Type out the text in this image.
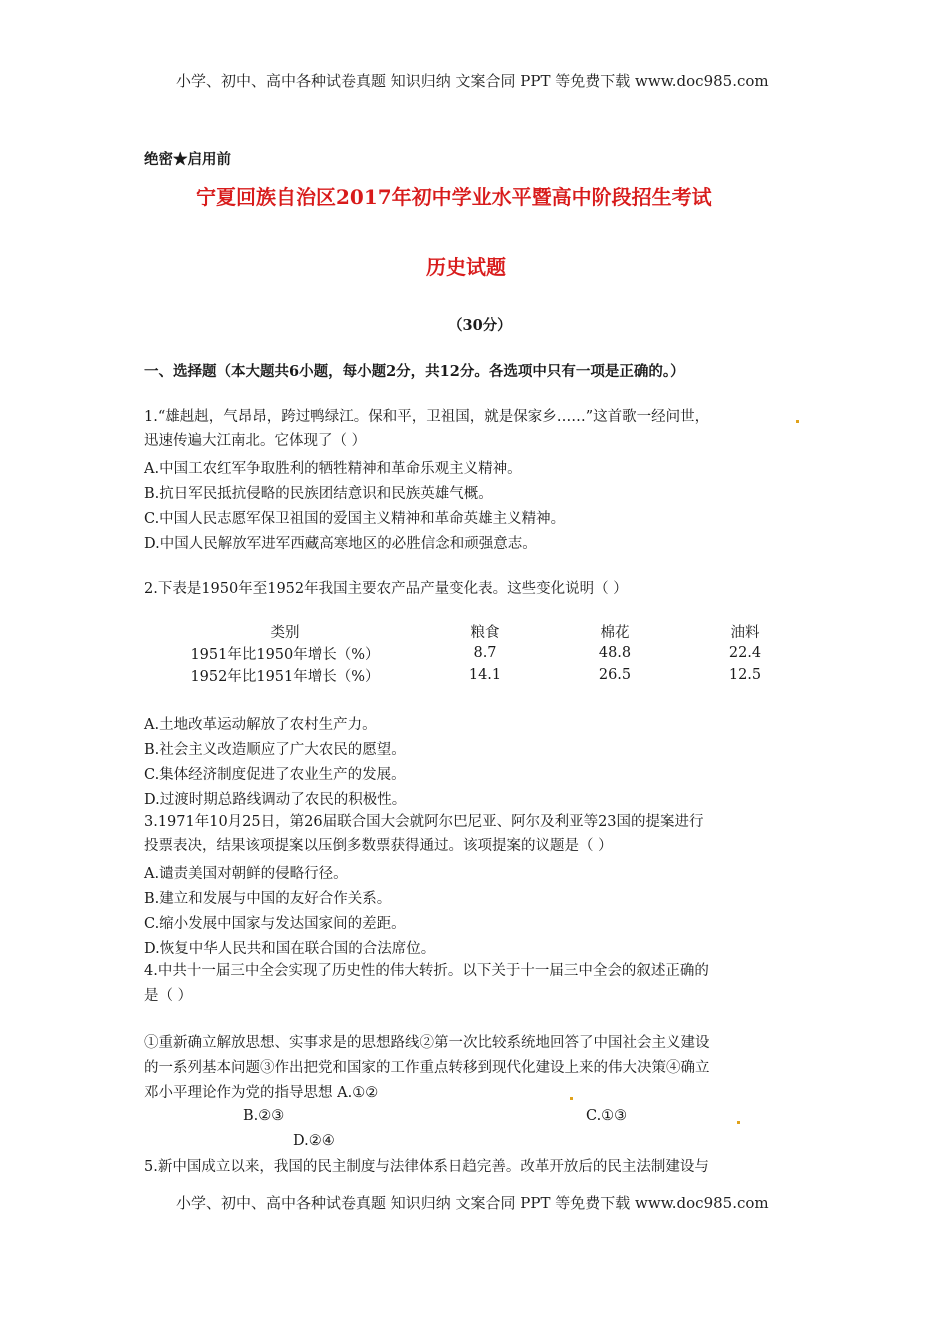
小学、初中、高中各种试卷真题 知识归纳 文案合同 PPT 等免费下载 www.doc985.com
绝密★启用前
宁夏回族自治区2017年初中学业水平暨高中阶段招生考试
历史试题
（30分）
一、选择题（本大题共6小题，每小题2分，共12分。各选项中只有一项是正确的。）
1.“雄赳赳，气昂昂，跨过鸭绿江。保和平，卫祖国，就是保家乡……”这首歌一经问世，
迅速传遍大江南北。它体现了（ ）
A.中国工农红军争取胜利的牺牲精神和革命乐观主义精神。
B.抗日军民抵抗侵略的民族团结意识和民族英雄气概。
C.中国人民志愿军保卫祖国的爱国主义精神和革命英雄主义精神。
D.中国人民解放军进军西藏高寒地区的必胜信念和顽强意志。
2.下表是1950年至1952年我国主要农产品产量变化表。这些变化说明（ ）
类别	粮食	棉花	油料
1951年比1950年增长（%）	8.7	48.8	22.4
1952年比1951年增长（%）	14.1	26.5	12.5
A.土地改革运动解放了农村生产力。
B.社会主义改造顺应了广大农民的愿望。
C.集体经济制度促进了农业生产的发展。
D.过渡时期总路线调动了农民的积极性。
3.1971年10月25日，第26届联合国大会就阿尔巴尼亚、阿尔及利亚等23国的提案进行
投票表决，结果该项提案以压倒多数票获得通过。该项提案的议题是（ ）
A.谴责美国对朝鲜的侵略行径。
B.建立和发展与中国的友好合作关系。
C.缩小发展中国家与发达国家间的差距。
D.恢复中华人民共和国在联合国的合法席位。
4.中共十一届三中全会实现了历史性的伟大转折。以下关于十一届三中全会的叙述正确的
是（ ）
①重新确立解放思想、实事求是的思想路线②第一次比较系统地回答了中国社会主义建设
的一系列基本问题③作出把党和国家的工作重点转移到现代化建设上来的伟大决策④确立
邓小平理论作为党的指导思想 A.①②
B.②③	C.①③
D.②④
5.新中国成立以来，我国的民主制度与法律体系日趋完善。改革开放后的民主法制建设与
小学、初中、高中各种试卷真题 知识归纳 文案合同 PPT 等免费下载 www.doc985.com
